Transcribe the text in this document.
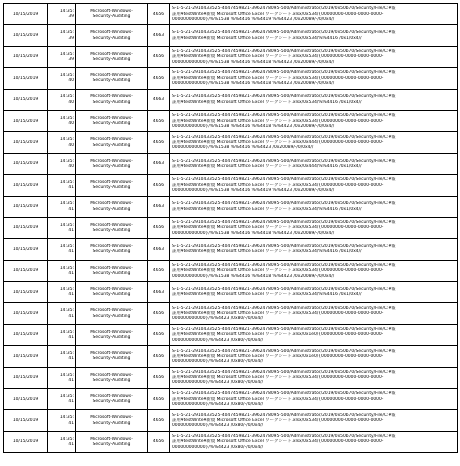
10/15/2019	14:35:
39	Microsoft-Windows-
Security-Auditing	4656	S-1-5-21-2910433525-4047459821-3962478095-500/Administrator/2019/0x50b70/Security/File/C:¥報
証用¥testWrite¥新規 Microsoft Office Excel ワークシート.xlsx/0x534/{00000000-0000-0000-0000-
000000000000}/%%1538 %%4416 %%4419 %%4423 /0x20089/-/0/0x4//

10/15/2019	14:35:
39	Microsoft-Windows-
Security-Auditing	4663	S-1-5-21-2910433525-4047459821-3962478095-500/Administrator/2019/0x50b70/Security/File/C:¥報
証用¥testWrite¥新規 Microsoft Office Excel ワークシート.xlsx/0x534/%%4416 /0x1/0x4//

10/15/2019	14:35:
39	Microsoft-Windows-
Security-Auditing	4656	S-1-5-21-2910433525-4047459821-3962478095-500/Administrator/2019/0x50b70/Security/File/C:¥報
証用¥testWrite¥新規 Microsoft Office Excel ワークシート.xlsx/0x534/{00000000-0000-0000-0000-
000000000000}/%%1538 %%4416 %%4418 %%4423 /0x20089/-/0/0x4//

10/15/2019	14:35:
40	Microsoft-Windows-
Security-Auditing	4656	S-1-5-21-2910433525-4047459821-3962478095-500/Administrator/2019/0x50b70/Security/File/C:¥報
証用¥testWrite¥新規 Microsoft Office Excel ワークシート.xlsx/0x534/{00000000-0000-0000-0000-
000000000000}/%%1538 %%4416 %%4418 %%4423 /0x20089/-/0/0x4//

10/15/2019	14:35:
40	Microsoft-Windows-
Security-Auditing	4663	S-1-5-21-2910433525-4047459821-3962478095-500/Administrator/2019/0x50b70/Security/File/C:¥報
証用¥testWrite¥新規 Microsoft Office Excel ワークシート.xlsx/0x534/%%4416 /0x1/0x4//

10/15/2019	14:35:
40	Microsoft-Windows-
Security-Auditing	4656	S-1-5-21-2910433525-4047459821-3962478095-500/Administrator/2019/0x50b70/Security/File/C:¥報
証用¥testWrite¥新規 Microsoft Office Excel ワークシート.xlsx/0x534/{00000000-0000-0000-0000-
000000000000}/%%1538 %%4416 %%4418 %%4423 /0x20089/-/0/0x4//

10/15/2019	14:35:
40	Microsoft-Windows-
Security-Auditing	4656	S-1-5-21-2910433525-4047459821-3962478095-500/Administrator/2019/0x50b70/Security/File/C:¥報
証用¥testWrite¥新規 Microsoft Office Excel ワークシート.xlsx/0x444/{00000000-0000-0000-0000-
000000000000}/%%1538 %%4416 %%4423 /0x20089/-/0/0x4//

10/15/2019	14:35:
40	Microsoft-Windows-
Security-Auditing	4663	S-1-5-21-2910433525-4047459821-3962478095-500/Administrator/2019/0x50b70/Security/File/C:¥報
証用¥testWrite¥新規 Microsoft Office Excel ワークシート.xlsx/0x444/%%4416 /0x1/0x4//

10/15/2019	14:35:
41	Microsoft-Windows-
Security-Auditing	4656	S-1-5-21-2910433525-4047459821-3962478095-500/Administrator/2019/0x50b70/Security/File/C:¥報
証用¥testWrite¥新規 Microsoft Office Excel ワークシート.xlsx/0x534/{00000000-0000-0000-0000-
000000000000}/%%1538 %%4416 %%4419 %%4423 /0x20089/-/0/0x4//

10/15/2019	14:35:
41	Microsoft-Windows-
Security-Auditing	4663	S-1-5-21-2910433525-4047459821-3962478095-500/Administrator/2019/0x50b70/Security/File/C:¥報
証用¥testWrite¥新規 Microsoft Office Excel ワークシート.xlsx/0x534/%%4416 /0x1/0x4//

10/15/2019	14:35:
41	Microsoft-Windows-
Security-Auditing	4656	S-1-5-21-2910433525-4047459821-3962478095-500/Administrator/2019/0x50b70/Security/File/C:¥報
証用¥testWrite¥新規 Microsoft Office Excel ワークシート.xlsx/0x534/{00000000-0000-0000-0000-
000000000000}/%%1538 %%4416 %%4418 %%4423 /0x20089/-/0/0x4//

10/15/2019	14:35:
41	Microsoft-Windows-
Security-Auditing	4663	S-1-5-21-2910433525-4047459821-3962478095-500/Administrator/2019/0x50b70/Security/File/C:¥報
証用¥testWrite¥新規 Microsoft Office Excel ワークシート.xlsx/0x534/%%4416 /0x1/0x4//

10/15/2019	14:35:
41	Microsoft-Windows-
Security-Auditing	4656	S-1-5-21-2910433525-4047459821-3962478095-500/Administrator/2019/0x50b70/Security/File/C:¥報
証用¥testWrite¥新規 Microsoft Office Excel ワークシート.xlsx/0x534/{00000000-0000-0000-0000-
000000000000}/%%1538 %%4416 %%4418 %%4423 /0x20089/-/0/0x4//

10/15/2019	14:35:
41	Microsoft-Windows-
Security-Auditing	4663	S-1-5-21-2910433525-4047459821-3962478095-500/Administrator/2019/0x50b70/Security/File/C:¥報
証用¥testWrite¥新規 Microsoft Office Excel ワークシート.xlsx/0x534/%%4416 /0x1/0x4//

10/15/2019	14:35:
41	Microsoft-Windows-
Security-Auditing	4656	S-1-5-21-2910433525-4047459821-3962478095-500/Administrator/2019/0x50b70/Security/File/C:¥報
証用¥testWrite¥新規 Microsoft Office Excel ワークシート.xlsx/0x534/{00000000-0000-0000-0000-
000000000000}/%%4423 /0x80/-/0/0x4//

10/15/2019	14:35:
41	Microsoft-Windows-
Security-Auditing	4656	S-1-5-21-2910433525-4047459821-3962478095-500/Administrator/2019/0x50b70/Security/File/C:¥報
証用¥testWrite¥新規 Microsoft Office Excel ワークシート.xlsx/0x1e0/{00000000-0000-0000-0000-
000000000000}/%%4423 /0x80/-/0/0x4//

10/15/2019	14:35:
41	Microsoft-Windows-
Security-Auditing	4656	S-1-5-21-2910433525-4047459821-3962478095-500/Administrator/2019/0x50b70/Security/File/C:¥報
証用¥testWrite¥新規 Microsoft Office Excel ワークシート.xlsx/0x1e0/{00000000-0000-0000-0000-
000000000000}/%%4423 /0x80/-/0/0x4//

10/15/2019	14:35:
41	Microsoft-Windows-
Security-Auditing	4656	S-1-5-21-2910433525-4047459821-3962478095-500/Administrator/2019/0x50b70/Security/File/C:¥報
証用¥testWrite¥新規 Microsoft Office Excel ワークシート.xlsx/0x534/{00000000-0000-0000-0000-
000000000000}/%%4423 /0x80/-/0/0x4//

10/15/2019	14:35:
41	Microsoft-Windows-
Security-Auditing	4656	S-1-5-21-2910433525-4047459821-3962478095-500/Administrator/2019/0x50b70/Security/File/C:¥報
証用¥testWrite¥新規 Microsoft Office Excel ワークシート.xlsx/0x534/{00000000-0000-0000-0000-
000000000000}/%%4423 /0x80/-/0/0x4//

10/15/2019	14:35:
41	Microsoft-Windows-
Security-Auditing	4656	S-1-5-21-2910433525-4047459821-3962478095-500/Administrator/2019/0x50b70/Security/File/C:¥報
証用¥testWrite¥新規 Microsoft Office Excel ワークシート.xlsx/0x534/{00000000-0000-0000-0000-
000000000000}/%%4423 /0x80/-/0/0x4//

10/15/2019	14:35:
41	Microsoft-Windows-
Security-Auditing	4656	S-1-5-21-2910433525-4047459821-3962478095-500/Administrator/2019/0x50b70/Security/File/C:¥報
証用¥testWrite¥新規 Microsoft Office Excel ワークシート.xlsx/0x534/{00000000-0000-0000-0000-
000000000000}/%%4423 /0x80/-/0/0x4//
